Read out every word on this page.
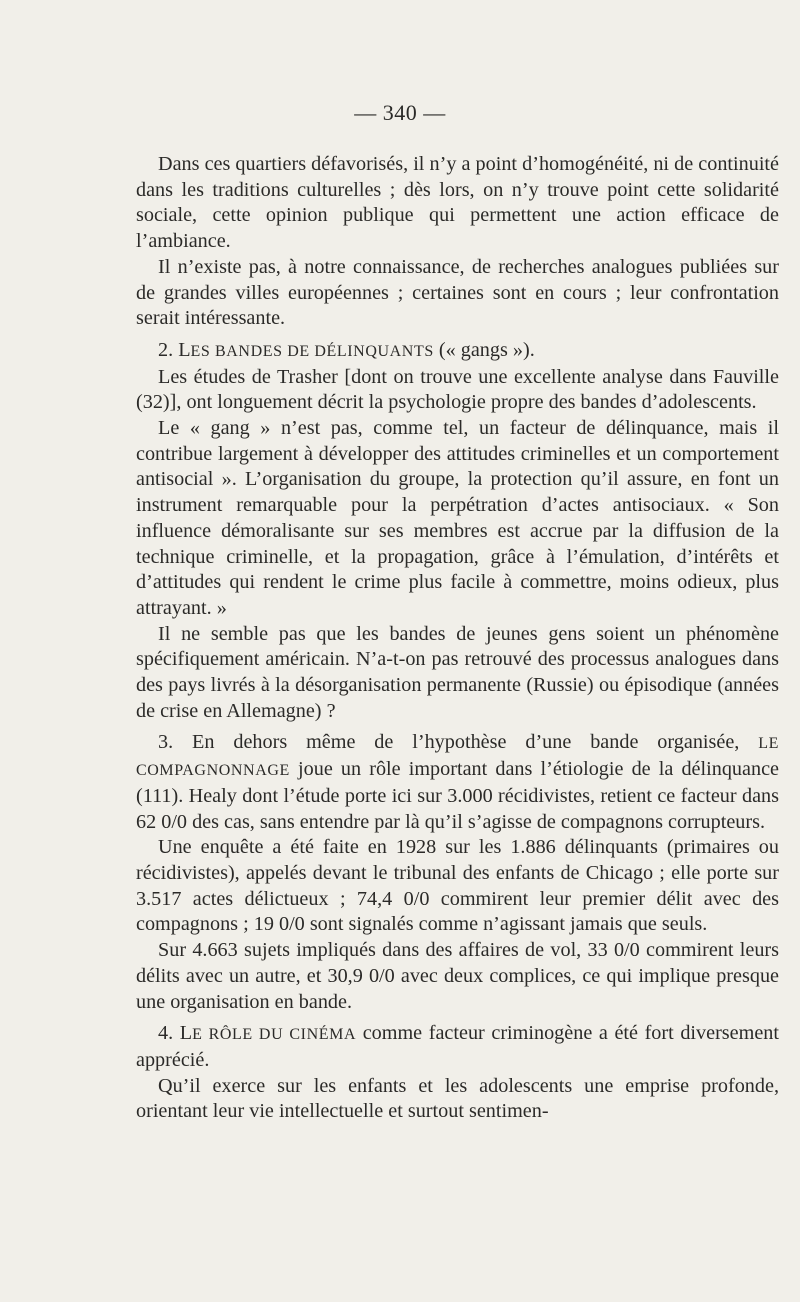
— 340 —

Dans ces quartiers défavorisés, il n’y a point d’homogénéité, ni de continuité dans les traditions culturelles ; dès lors, on n’y trouve point cette solidarité sociale, cette opinion publique qui permettent une action efficace de l’ambiance.

Il n’existe pas, à notre connaissance, de recherches analogues publiées sur de grandes villes européennes ; certaines sont en cours ; leur confrontation serait intéressante.

2. LES BANDES DE DÉLINQUANTS (« gangs »).

Les études de Trasher [dont on trouve une excellente analyse dans Fauville (32)], ont longuement décrit la psychologie propre des bandes d’adolescents.

Le « gang » n’est pas, comme tel, un facteur de délinquance, mais il contribue largement à développer des attitudes criminelles et un comportement antisocial ». L’organisation du groupe, la protection qu’il assure, en font un instrument remarquable pour la perpétration d’actes antisociaux. « Son influence démoralisante sur ses membres est accrue par la diffusion de la technique criminelle, et la propagation, grâce à l’émulation, d’intérêts et d’attitudes qui rendent le crime plus facile à commettre, moins odieux, plus attrayant. »

Il ne semble pas que les bandes de jeunes gens soient un phénomène spécifiquement américain. N’a-t-on pas retrouvé des processus analogues dans des pays livrés à la désorganisation permanente (Russie) ou épisodique (années de crise en Allemagne) ?

3. En dehors même de l’hypothèse d’une bande organisée, LE COMPAGNONNAGE joue un rôle important dans l’étiologie de la délinquance (111). Healy dont l’étude porte ici sur 3.000 récidivistes, retient ce facteur dans 62 0/0 des cas, sans entendre par là qu’il s’agisse de compagnons corrupteurs.

Une enquête a été faite en 1928 sur les 1.886 délinquants (primaires ou récidivistes), appelés devant le tribunal des enfants de Chicago ; elle porte sur 3.517 actes délictueux ; 74,4 0/0 commirent leur premier délit avec des compagnons ; 19 0/0 sont signalés comme n’agissant jamais que seuls.

Sur 4.663 sujets impliqués dans des affaires de vol, 33 0/0 commirent leurs délits avec un autre, et 30,9 0/0 avec deux complices, ce qui implique presque une organisation en bande.

4. LE RÔLE DU CINÉMA comme facteur criminogène a été fort diversement apprécié.

Qu’il exerce sur les enfants et les adolescents une emprise profonde, orientant leur vie intellectuelle et surtout sentimen-
